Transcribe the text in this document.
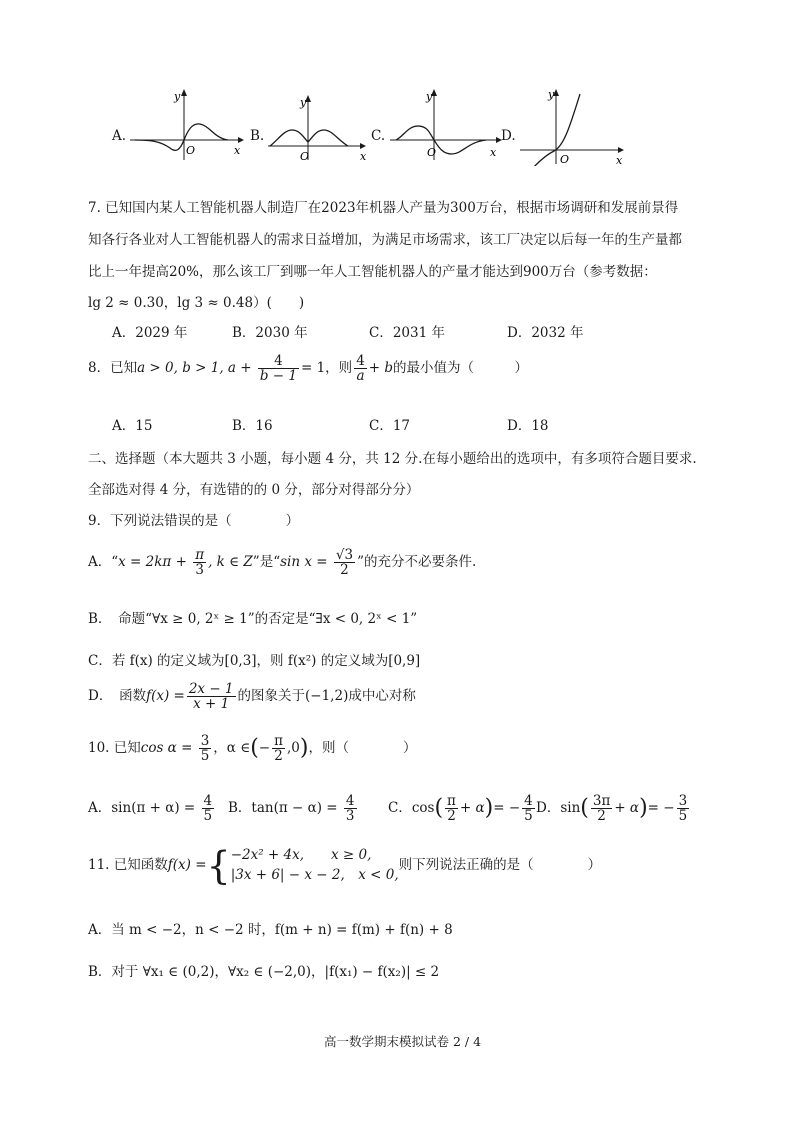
A.
y
x
O
B.
y
x
O
C.
y
x
O
D.
y
x
O
7. 已知国内某人工智能机器人制造厂在2023年机器人产量为300万台，根据市场调研和发展前景得
知各行各业对人工智能机器人的需求日益增加，为满足市场需求，该工厂决定以后每一年的生产量都
比上一年提高20%，那么该工厂到哪一年人工智能机器人的产量才能达到900万台（参考数据：
lg 2 ≈ 0.30，lg 3 ≈ 0.48）(　　)
A．2029 年	B．2030 年	C．2031 年	D．2032 年
8．已知a > 0, b > 1, $a + \frac{4}{b - 1} = 1$，则 $\frac{4}{a} + b$的最小值为（　　　）
A．15	B．16	C．17	D．18
二、选择题（本大题共 3 小题，每小题 4 分，共 12 分.在每小题给出的选项中，有多项符合题目要求.
全部选对得 4 分，有选错的的 0 分，部分对得部分分）
9．下列说法错误的是（　　　　）
A．“$x = 2k\pi + \frac{\pi}{3}$ , k ∈ Z”是“sin $x = \frac{√3}{2}$ ”的充分不必要条件.
B．　命题“∀x ≥ 0, 2ˣ ≥ 1”的否定是“∃x < 0, 2ˣ < 1”
C．若 f(x) 的定义域为[0,3]，则 f(x²) 的定义域为[0,9]
D．　函数$f(x) = \frac{2x - 1}{x + 1}$ 的图象关于(−1,2)成中心对称
10. 已知$\cos \alpha = \frac{3}{5}$ ，α ∈(− $\frac{\pi}{2} ,0$)，则（　　　　）
A．$\sin(\pi + \alpha) = \frac{4}{5}$ B．$\tan(\pi - \alpha) = \frac{4}{3}$ C．$\cos( \frac{\pi}{2} + \alpha)= - \frac{4}{5}$ D．$\sin( \frac{3\pi}{2} + \alpha)= - \frac{3}{5}$
11. 已知函数f(x) ={ −2x² + 4x,　　x ≥ 0,
|3x + 6| − x − 2,　x < 0,
则下列说法正确的是（　　　　）
A．当 m < −2，n < −2 时，f(m + n) = f(m) + f(n) + 8
B．对于 ∀x₁ ∈ (0,2)，∀x₂ ∈ (−2,0)，|f(x₁) − f(x₂)| ≤ 2
高一数学期末模拟试卷 2 / 4
